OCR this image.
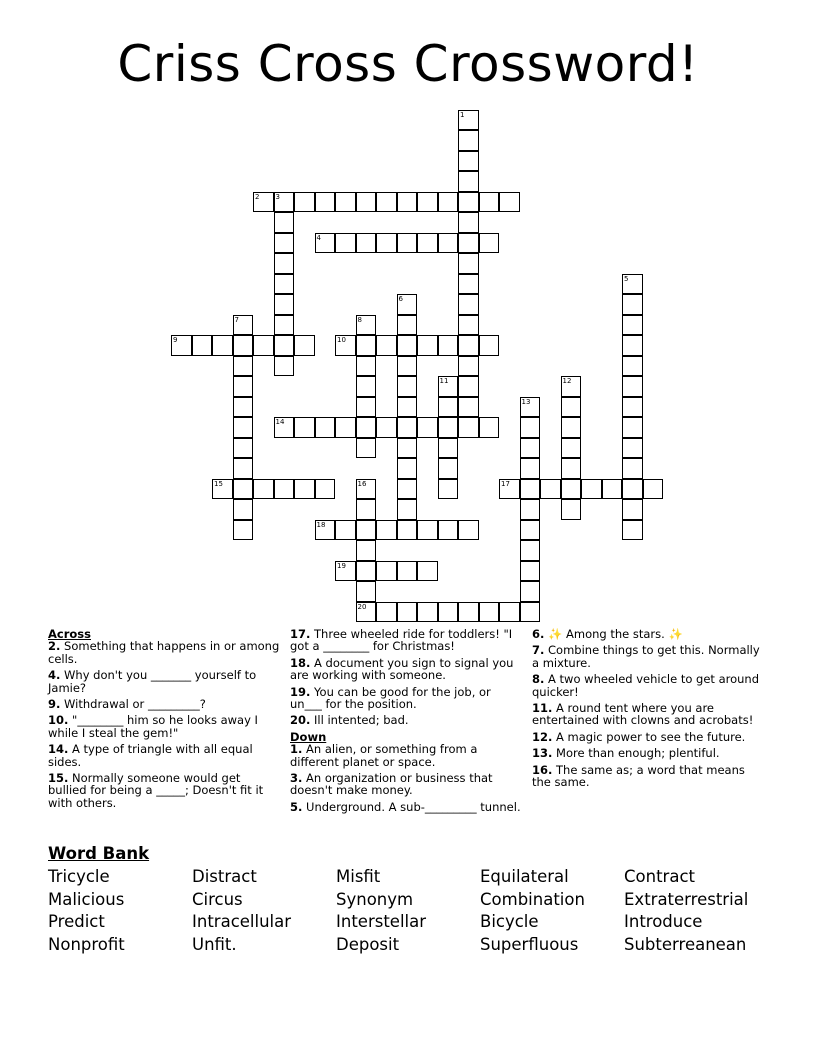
Criss Cross Crossword!
1
2 3
4
5
6
7	8
9	10
11	12
13
14
15	16
20
17
18
19
Across
2. Something that happens in or among cells.
4. Why don't you _______ yourself to Jamie?
9. Withdrawal or _________?
10. "________ him so he looks away I while I steal the gem!"
14. A type of triangle with all equal sides.
15. Normally someone would get bullied for being a _____; Doesn't fit it with others.
17. Three wheeled ride for toddlers! "I got a ________ for Christmas!
18. A document you sign to signal you are working with someone.
19. You can be good for the job, or un___ for the position.
20. Ill intented; bad.
Down
1. An alien, or something from a different planet or space.
3. An organization or business that doesn't make money.
5. Underground. A sub-_________ tunnel.
6. ✨ Among the stars. ✨
7. Combine things to get this. Normally a mixture.
8. A two wheeled vehicle to get around quicker!
11. A round tent where you are entertained with clowns and acrobats!
12. A magic power to see the future.
13. More than enough; plentiful.
16. The same as; a word that means the same.
Word Bank
Tricycle	Distract	Misfit	Equilateral	Contract
Malicious	Circus	Synonym	Combination Extraterrestrial
Predict	Intracellular	Interstellar	Bicycle	Introduce
Nonprofit	Unfit.	Deposit	Superfluous	Subterreanean
